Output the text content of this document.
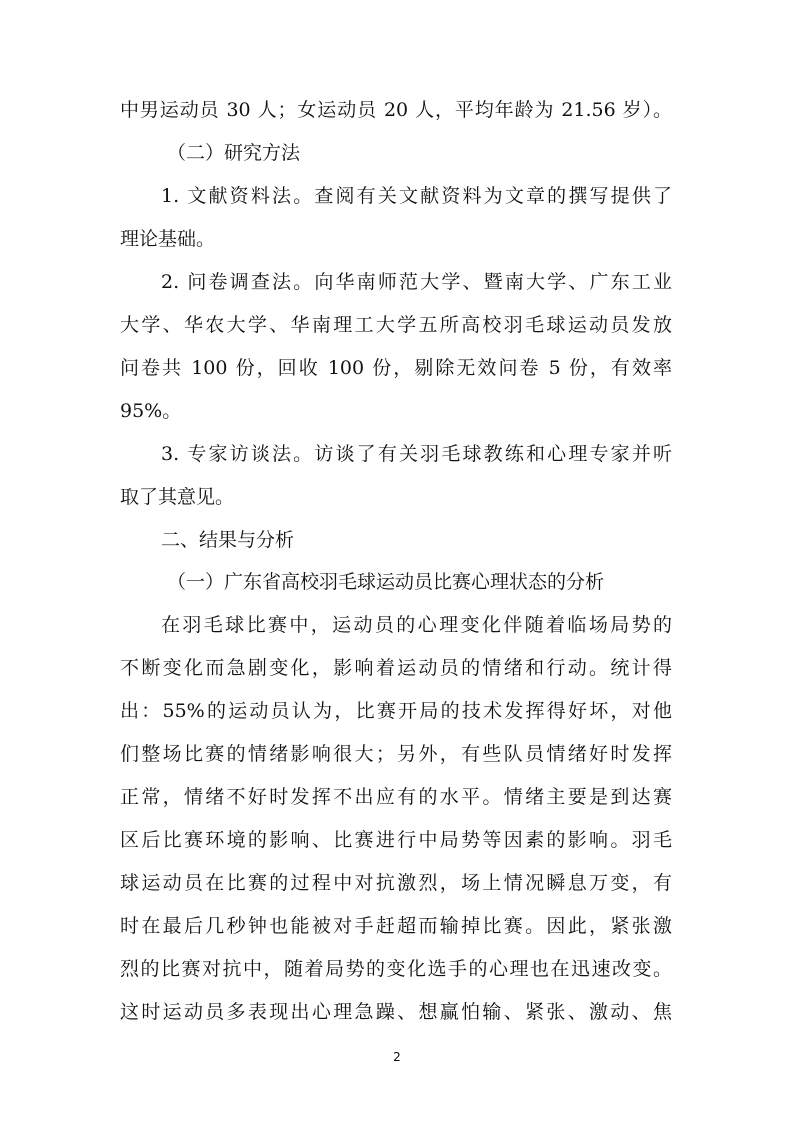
中男运动员 30 人；女运动员 20 人，平均年龄为 21.56 岁）。
（二）研究方法
1. 文献资料法。查阅有关文献资料为文章的撰写提供了
理论基础。
2. 问卷调查法。向华南师范大学、暨南大学、广东工业
大学、华农大学、华南理工大学五所高校羽毛球运动员发放
问卷共 100 份，回收 100 份，剔除无效问卷 5 份，有效率
95%。
3. 专家访谈法。访谈了有关羽毛球教练和心理专家并听
取了其意见。
二、结果与分析
（一）广东省高校羽毛球运动员比赛心理状态的分析
在羽毛球比赛中，运动员的心理变化伴随着临场局势的
不断变化而急剧变化，影响着运动员的情绪和行动。统计得
出：55%的运动员认为，比赛开局的技术发挥得好坏，对他
们整场比赛的情绪影响很大；另外，有些队员情绪好时发挥
正常，情绪不好时发挥不出应有的水平。情绪主要是到达赛
区后比赛环境的影响、比赛进行中局势等因素的影响。羽毛
球运动员在比赛的过程中对抗激烈，场上情况瞬息万变，有
时在最后几秒钟也能被对手赶超而输掉比赛。因此，紧张激
烈的比赛对抗中，随着局势的变化选手的心理也在迅速改变。
这时运动员多表现出心理急躁、想赢怕输、紧张、激动、焦
2
